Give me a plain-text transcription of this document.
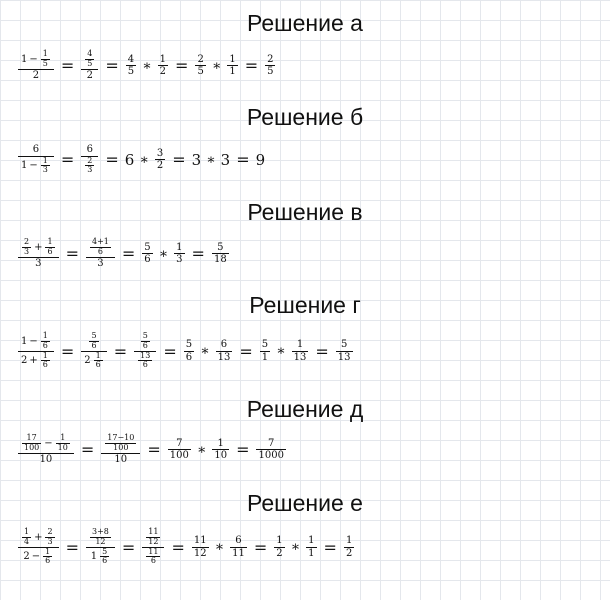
Решение а
$\frac{1 - \frac{1}{5}}{2} = \frac{\frac{4}{5}}{2} = \frac{4}{5}$ ∗ $\frac{1}{2} = \frac{2}{5}$ ∗ $\frac{1}{1} = \frac{2}{5}$
Решение б
$\frac{6}{1 - \frac{1}{3}} = \frac{6}{\frac{2}{3}} = 6$ ∗ $\frac{3}{2} = 3$ ∗ 3 = 9
Решение в
$\frac{\frac{2}{3} + \frac{1}{6}}{3} = \frac{\frac{4+1}{6}}{3} = \frac{5}{6}$ ∗ $\frac{1}{3} = \frac{5}{18}$
Решение г
$\frac{1 - \frac{1}{6}}{2 + \frac{1}{6}} = \frac{\frac{5}{6}}{2 \frac{1}{6}} = \frac{\frac{5}{6}}{\frac{13}{6}} = \frac{5}{6}$ ∗ $\frac{6}{13} = \frac{5}{1}$ ∗ $\frac{1}{13} = \frac{5}{13}$
Решение д
$\frac{\frac{17}{100} - \frac{1}{10}}{10} = \frac{\frac{17-10}{100}}{10} = \frac{7}{100}$ ∗ $\frac{1}{10} = \frac{7}{1000}$
Решение е
$\frac{\frac{1}{4} + \frac{2}{3}}{2 - \frac{1}{6}} = \frac{\frac{3+8}{12}}{1 \frac{5}{6}} = \frac{\frac{11}{12}}{\frac{11}{6}} = \frac{11}{12}$ ∗ $\frac{6}{11} = \frac{1}{2}$ ∗ $\frac{1}{1} = \frac{1}{2}$
